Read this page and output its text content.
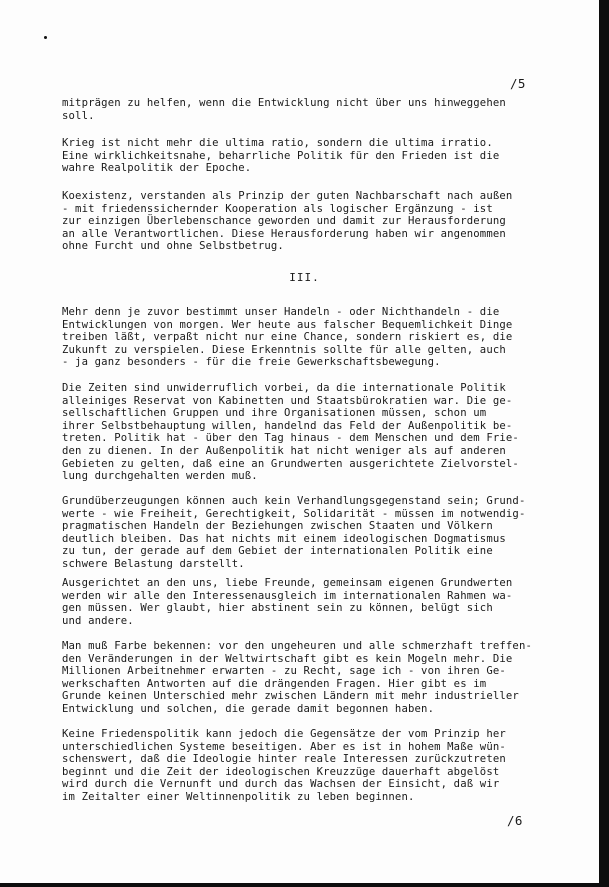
/5
mitprägen zu helfen, wenn die Entwicklung nicht über uns hinweggehen
soll.
Krieg ist nicht mehr die ultima ratio, sondern die ultima irratio.
Eine wirklichkeitsnahe, beharrliche Politik für den Frieden ist die
wahre Realpolitik der Epoche.
Koexistenz, verstanden als Prinzip der guten Nachbarschaft nach außen
- mit friedenssichernder Kooperation als logischer Ergänzung - ist
zur einzigen Überlebenschance geworden und damit zur Herausforderung
an alle Verantwortlichen. Diese Herausforderung haben wir angenommen
ohne Furcht und ohne Selbstbetrug.
III.
Mehr denn je zuvor bestimmt unser Handeln - oder Nichthandeln - die
Entwicklungen von morgen. Wer heute aus falscher Bequemlichkeit Dinge
treiben läßt, verpaßt nicht nur eine Chance, sondern riskiert es, die
Zukunft zu verspielen. Diese Erkenntnis sollte für alle gelten, auch
- ja ganz besonders - für die freie Gewerkschaftsbewegung.
Die Zeiten sind unwiderruflich vorbei, da die internationale Politik
alleiniges Reservat von Kabinetten und Staatsbürokratien war. Die ge-
sellschaftlichen Gruppen und ihre Organisationen müssen, schon um
ihrer Selbstbehauptung willen, handelnd das Feld der Außenpolitik be-
treten. Politik hat - über den Tag hinaus - dem Menschen und dem Frie-
den zu dienen. In der Außenpolitik hat nicht weniger als auf anderen
Gebieten zu gelten, daß eine an Grundwerten ausgerichtete Zielvorstel-
lung durchgehalten werden muß.
Grundüberzeugungen können auch kein Verhandlungsgegenstand sein; Grund-
werte - wie Freiheit, Gerechtigkeit, Solidarität - müssen im notwendig-
pragmatischen Handeln der Beziehungen zwischen Staaten und Völkern
deutlich bleiben. Das hat nichts mit einem ideologischen Dogmatismus
zu tun, der gerade auf dem Gebiet der internationalen Politik eine
schwere Belastung darstellt.
Ausgerichtet an den uns, liebe Freunde, gemeinsam eigenen Grundwerten
werden wir alle den Interessenausgleich im internationalen Rahmen wa-
gen müssen. Wer glaubt, hier abstinent sein zu können, belügt sich
und andere.
Man muß Farbe bekennen: vor den ungeheuren und alle schmerzhaft treffen-
den Veränderungen in der Weltwirtschaft gibt es kein Mogeln mehr. Die
Millionen Arbeitnehmer erwarten - zu Recht, sage ich - von ihren Ge-
werkschaften Antworten auf die drängenden Fragen. Hier gibt es im
Grunde keinen Unterschied mehr zwischen Ländern mit mehr industrieller
Entwicklung und solchen, die gerade damit begonnen haben.
Keine Friedenspolitik kann jedoch die Gegensätze der vom Prinzip her
unterschiedlichen Systeme beseitigen. Aber es ist in hohem Maße wün-
schenswert, daß die Ideologie hinter reale Interessen zurückzutreten
beginnt und die Zeit der ideologischen Kreuzzüge dauerhaft abgelöst
wird durch die Vernunft und durch das Wachsen der Einsicht, daß wir
im Zeitalter einer Weltinnenpolitik zu leben beginnen.
/6
